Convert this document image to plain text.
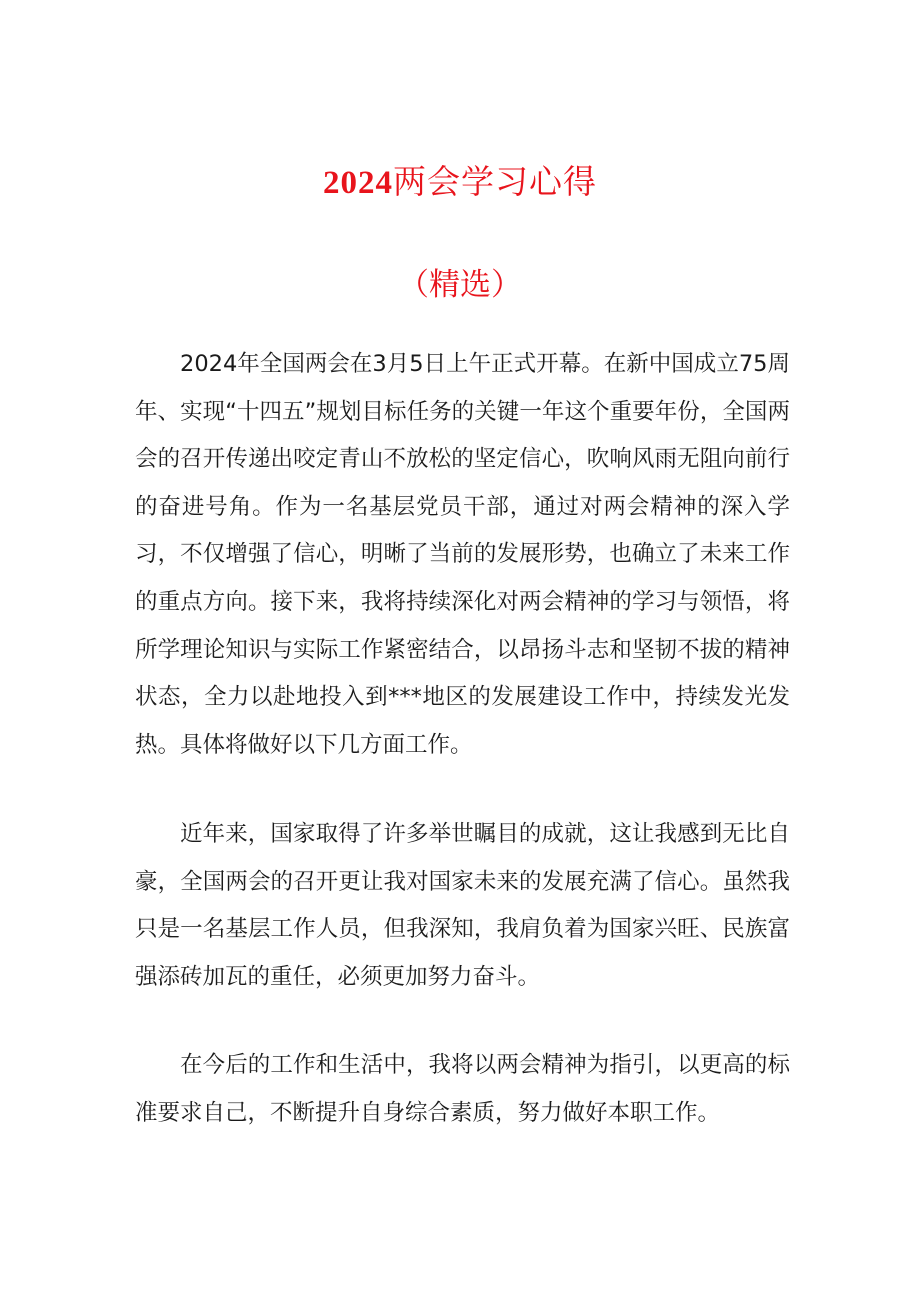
2024两会学习心得
（精选）

2024年全国两会在3月5日上午正式开幕。在新中国成立75周年、实现“十四五”规划目标任务的关键一年这个重要年份，全国两会的召开传递出咬定青山不放松的坚定信心，吹响风雨无阻向前行的奋进号角。作为一名基层党员干部，通过对两会精神的深入学习，不仅增强了信心，明晰了当前的发展形势，也确立了未来工作的重点方向。接下来，我将持续深化对两会精神的学习与领悟，将所学理论知识与实际工作紧密结合，以昂扬斗志和坚韧不拔的精神状态，全力以赴地投入到***地区的发展建设工作中，持续发光发热。具体将做好以下几方面工作。

近年来，国家取得了许多举世瞩目的成就，这让我感到无比自豪，全国两会的召开更让我对国家未来的发展充满了信心。虽然我只是一名基层工作人员，但我深知，我肩负着为国家兴旺、民族富强添砖加瓦的重任，必须更加努力奋斗。

在今后的工作和生活中，我将以两会精神为指引，以更高的标准要求自己，不断提升自身综合素质，努力做好本职工作。
